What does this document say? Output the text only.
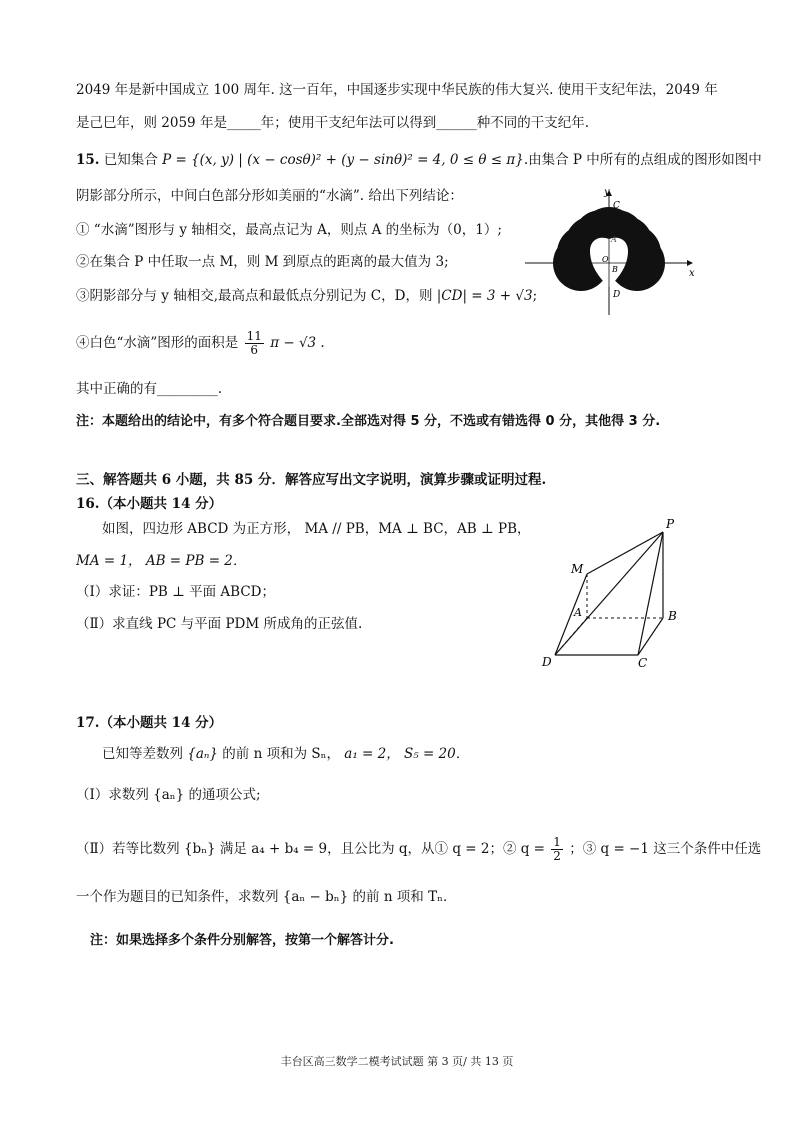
2049 年是新中国成立 100 周年. 这一百年，中国逐步实现中华民族的伟大复兴. 使用干支纪年法，2049 年
是己巳年，则 2059 年是_____年；使用干支纪年法可以得到______种不同的干支纪年.
15. 已知集合 P = {(x, y) | (x − cosθ)² + (y − sinθ)² = 4, 0 ≤ θ ≤ π}.由集合 P 中所有的点组成的图形如图中
阴影部分所示，中间白色部分形如美丽的“水滴”. 给出下列结论：
① “水滴”图形与 y 轴相交，最高点记为 A，则点 A 的坐标为（0，1）;
②在集合 P 中任取一点 M，则 M 到原点的距离的最大值为 3;
③阴影部分与 y 轴相交,最高点和最低点分别记为 C，D，则 |CD| = 3 + √3;
④白色“水滴”图形的面积是 $\frac{11}{6}$ π − √3 .
其中正确的有_________.
注：本题给出的结论中，有多个符合题目要求.全部选对得 5 分，不选或有错选得 0 分，其他得 3 分.
y
x
C
A
O
B
D
三、解答题共 6 小题，共 85 分．解答应写出文字说明，演算步骤或证明过程.
16.（本小题共 14 分）
如图，四边形 ABCD 为正方形， MA // PB，MA ⊥ BC，AB ⊥ PB，
MA = 1， AB = PB = 2．
（Ⅰ）求证：PB ⊥ 平面 ABCD；
（Ⅱ）求直线 PC 与平面 PDM 所成角的正弦值.
P
M
A	B
C
D
17.（本小题共 14 分）
已知等差数列 {aₙ} 的前 n 项和为 Sₙ， a₁ = 2， S₅ = 20．
（Ⅰ）求数列 {aₙ} 的通项公式;
（Ⅱ）若等比数列 {bₙ} 满足 a₄ + b₄ = 9，且公比为 q，从① q = 2；② $q = \frac{1}{2}$ ；③ q = −1 这三个条件中任选
一个作为题目的已知条件，求数列 {aₙ − bₙ} 的前 n 项和 Tₙ．
注：如果选择多个条件分别解答，按第一个解答计分.
丰台区高三数学二模考试试题 第 3 页/ 共 13 页
